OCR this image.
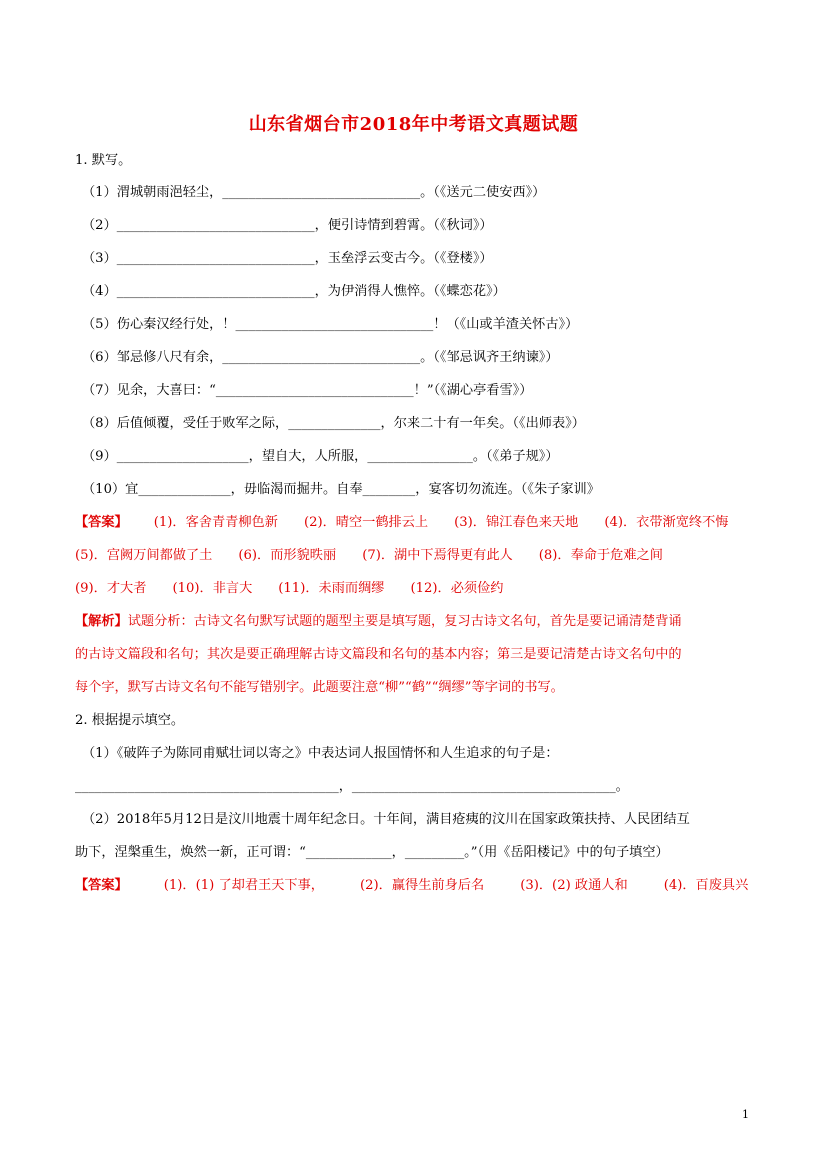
山东省烟台市2018年中考语文真题试题
1. 默写。
（1）渭城朝雨浥轻尘，______________________________。（《送元二使安西》）
（2）______________________________，便引诗情到碧霄。（《秋词》）
（3）______________________________，玉垒浮云变古今。（《登楼》）
（4）______________________________，为伊消得人憔悴。（《蝶恋花》）
（5）伤心秦汉经行处，！______________________________！（《山或羊渣关怀古》）
（6）邹忌修八尺有余，______________________________。（《邹忌讽齐王纳谏》）
（7）见余，大喜曰：“______________________________！”（《湖心亭看雪》）
（8）后值倾覆，受任于败军之际，______________，尔来二十有一年矣。（《出师表》）
（9）____________________，望自大，人所服，________________。（《弟子规》）
（10）宜______________，毋临渴而掘井。自奉________，宴客切勿流连。（《朱子家训》
【答案】 (1)．客舍青青柳色新 (2)．晴空一鹤排云上 (3)．锦江春色来天地 (4)．衣带渐宽终不悔
(5)．宫阙万间都做了土 (6)．而形貌昳丽 (7)．湖中下焉得更有此人 (8)．奉命于危难之间
(9)．才大者 (10)．非言大 (11)．未雨而绸缪 (12)．必须俭约
【解析】试题分析：古诗文名句默写试题的题型主要是填写题，复习古诗文名句，首先是要记诵清楚背诵
的古诗文篇段和名句；其次是要正确理解古诗文篇段和名句的基本内容；第三是要记清楚古诗文名句中的
每个字，默写古诗文名句不能写错别字。此题要注意“柳”“鹤”“绸缪”等字词的书写。
2. 根据提示填空。
（1）《破阵子为陈同甫赋壮词以寄之》中表达词人报国情怀和人生追求的句子是：
________________________________________，________________________________________。
（2）2018年5月12日是汶川地震十周年纪念日。十年间，满目疮痍的汶川在国家政策扶持、人民团结互
助下，涅槃重生，焕然一新，正可谓：“_____________，_________。”（用《岳阳楼记》中的句子填空）
【答案】	(1)．(1) 了却君王天下事，	(2)．赢得生前身后名	(3)．(2) 政通人和	(4)．百废具兴
1
